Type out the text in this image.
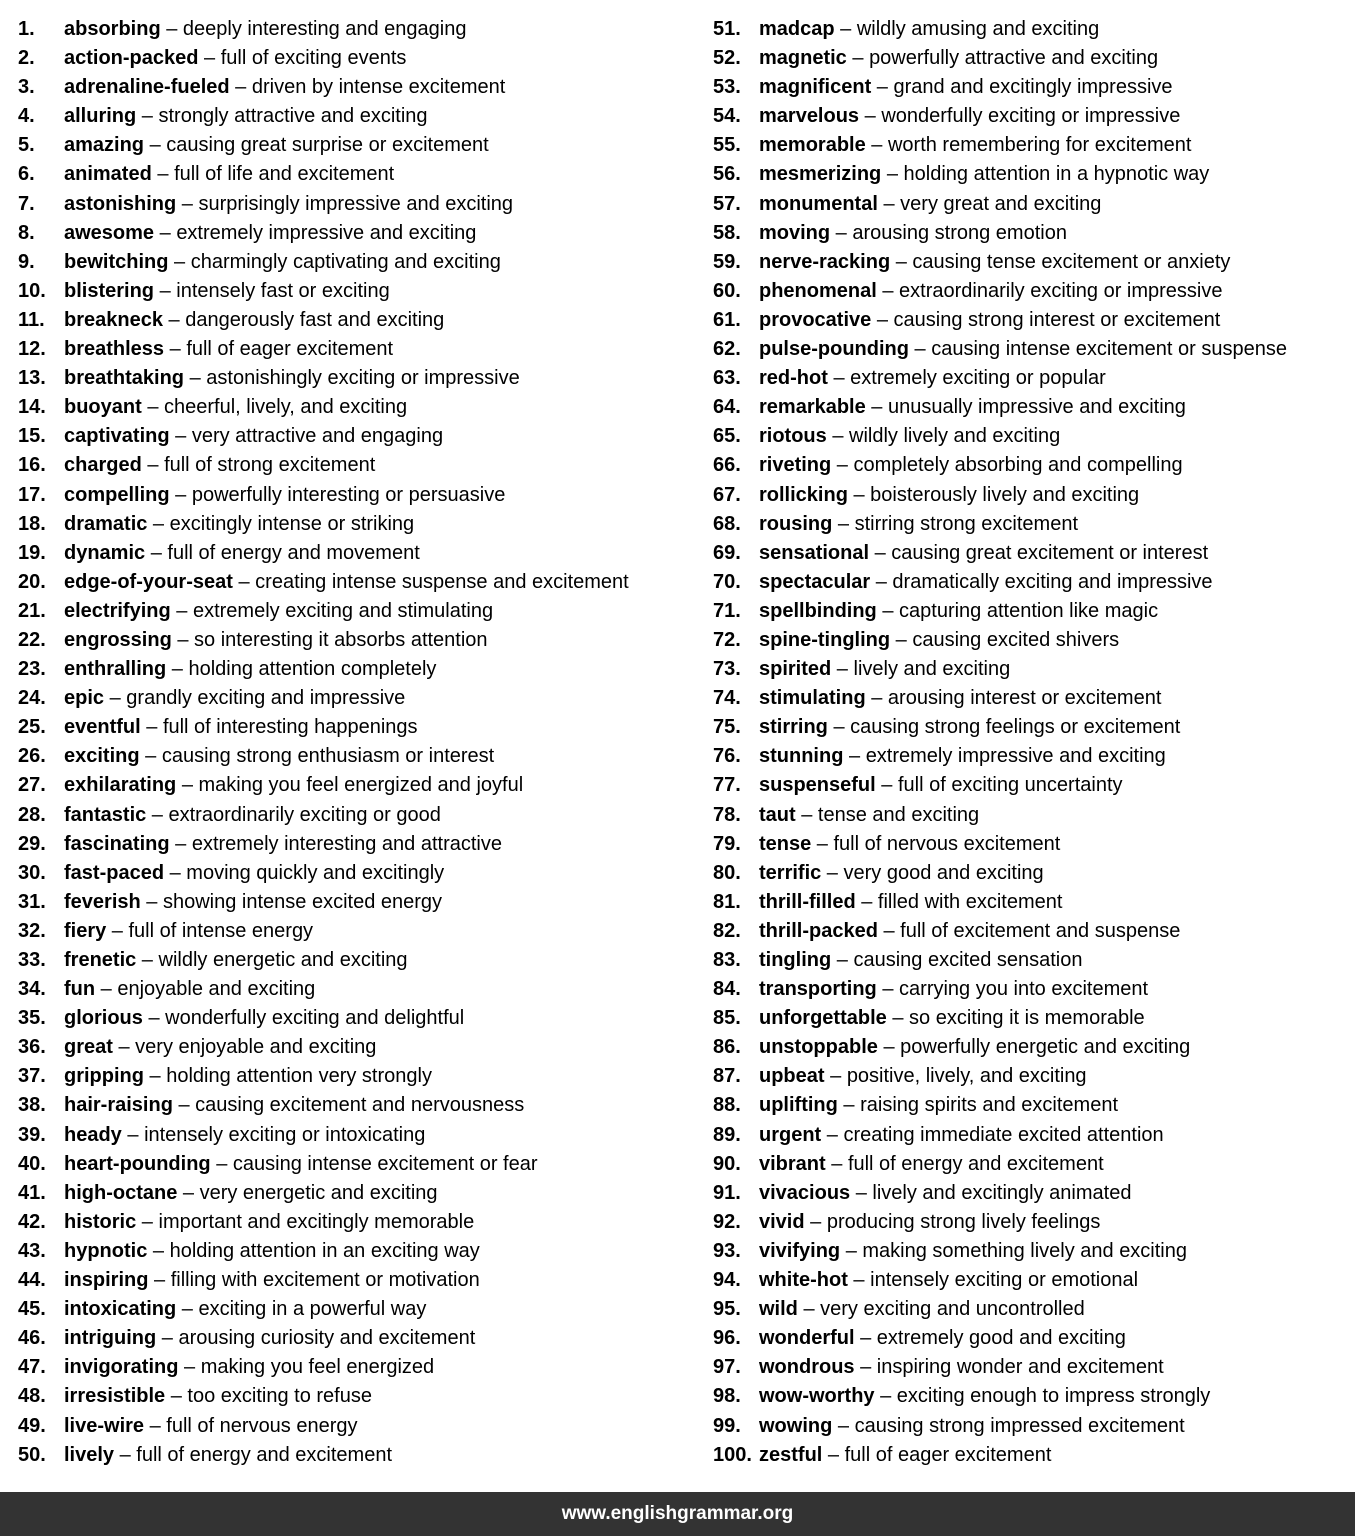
1. absorbing – deeply interesting and engaging
2. action-packed – full of exciting events
3. adrenaline-fueled – driven by intense excitement
4. alluring – strongly attractive and exciting
5. amazing – causing great surprise or excitement
6. animated – full of life and excitement
7. astonishing – surprisingly impressive and exciting
8. awesome – extremely impressive and exciting
9. bewitching – charmingly captivating and exciting
10. blistering – intensely fast or exciting
11. breakneck – dangerously fast and exciting
12. breathless – full of eager excitement
13. breathtaking – astonishingly exciting or impressive
14. buoyant – cheerful, lively, and exciting
15. captivating – very attractive and engaging
16. charged – full of strong excitement
17. compelling – powerfully interesting or persuasive
18. dramatic – excitingly intense or striking
19. dynamic – full of energy and movement
20. edge-of-your-seat – creating intense suspense and excitement
21. electrifying – extremely exciting and stimulating
22. engrossing – so interesting it absorbs attention
23. enthralling – holding attention completely
24. epic – grandly exciting and impressive
25. eventful – full of interesting happenings
26. exciting – causing strong enthusiasm or interest
27. exhilarating – making you feel energized and joyful
28. fantastic – extraordinarily exciting or good
29. fascinating – extremely interesting and attractive
30. fast-paced – moving quickly and excitingly
31. feverish – showing intense excited energy
32. fiery – full of intense energy
33. frenetic – wildly energetic and exciting
34. fun – enjoyable and exciting
35. glorious – wonderfully exciting and delightful
36. great – very enjoyable and exciting
37. gripping – holding attention very strongly
38. hair-raising – causing excitement and nervousness
39. heady – intensely exciting or intoxicating
40. heart-pounding – causing intense excitement or fear
41. high-octane – very energetic and exciting
42. historic – important and excitingly memorable
43. hypnotic – holding attention in an exciting way
44. inspiring – filling with excitement or motivation
45. intoxicating – exciting in a powerful way
46. intriguing – arousing curiosity and excitement
47. invigorating – making you feel energized
48. irresistible – too exciting to refuse
49. live-wire – full of nervous energy
50. lively – full of energy and excitement
51. madcap – wildly amusing and exciting
52. magnetic – powerfully attractive and exciting
53. magnificent – grand and excitingly impressive
54. marvelous – wonderfully exciting or impressive
55. memorable – worth remembering for excitement
56. mesmerizing – holding attention in a hypnotic way
57. monumental – very great and exciting
58. moving – arousing strong emotion
59. nerve-racking – causing tense excitement or anxiety
60. phenomenal – extraordinarily exciting or impressive
61. provocative – causing strong interest or excitement
62. pulse-pounding – causing intense excitement or suspense
63. red-hot – extremely exciting or popular
64. remarkable – unusually impressive and exciting
65. riotous – wildly lively and exciting
66. riveting – completely absorbing and compelling
67. rollicking – boisterously lively and exciting
68. rousing – stirring strong excitement
69. sensational – causing great excitement or interest
70. spectacular – dramatically exciting and impressive
71. spellbinding – capturing attention like magic
72. spine-tingling – causing excited shivers
73. spirited – lively and exciting
74. stimulating – arousing interest or excitement
75. stirring – causing strong feelings or excitement
76. stunning – extremely impressive and exciting
77. suspenseful – full of exciting uncertainty
78. taut – tense and exciting
79. tense – full of nervous excitement
80. terrific – very good and exciting
81. thrill-filled – filled with excitement
82. thrill-packed – full of excitement and suspense
83. tingling – causing excited sensation
84. transporting – carrying you into excitement
85. unforgettable – so exciting it is memorable
86. unstoppable – powerfully energetic and exciting
87. upbeat – positive, lively, and exciting
88. uplifting – raising spirits and excitement
89. urgent – creating immediate excited attention
90. vibrant – full of energy and excitement
91. vivacious – lively and excitingly animated
92. vivid – producing strong lively feelings
93. vivifying – making something lively and exciting
94. white-hot – intensely exciting or emotional
95. wild – very exciting and uncontrolled
96. wonderful – extremely good and exciting
97. wondrous – inspiring wonder and excitement
98. wow-worthy – exciting enough to impress strongly
99. wowing – causing strong impressed excitement
100. zestful – full of eager excitement
www.englishgrammar.org
